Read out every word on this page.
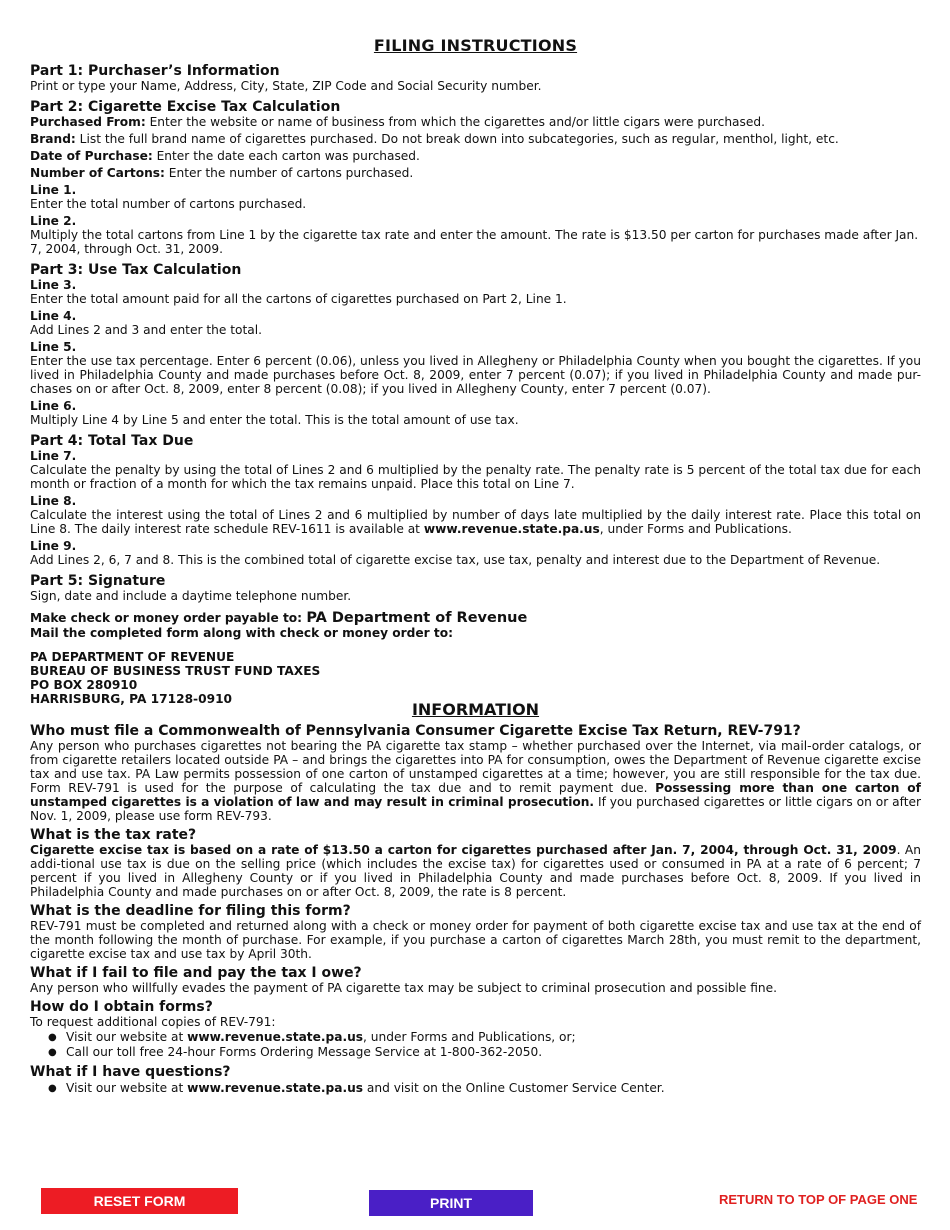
FILING INSTRUCTIONS
Part 1: Purchaser’s Information
Print or type your Name, Address, City, State, ZIP Code and Social Security number.
Part 2: Cigarette Excise Tax Calculation
Purchased From: Enter the website or name of business from which the cigarettes and/or little cigars were purchased.
Brand: List the full brand name of cigarettes purchased. Do not break down into subcategories, such as regular, menthol, light, etc.
Date of Purchase: Enter the date each carton was purchased.
Number of Cartons: Enter the number of cartons purchased.
Line 1.
Enter the total number of cartons purchased.
Line 2.
Multiply the total cartons from Line 1 by the cigarette tax rate and enter the amount. The rate is $13.50 per carton for purchases made after Jan. 7, 2004, through Oct. 31, 2009.
Part 3: Use Tax Calculation
Line 3.
Enter the total amount paid for all the cartons of cigarettes purchased on Part 2, Line 1.
Line 4.
Add Lines 2 and 3 and enter the total.
Line 5.
Enter the use tax percentage. Enter 6 percent (0.06), unless you lived in Allegheny or Philadelphia County when you bought the cigarettes. If you lived in Philadelphia County and made purchases before Oct. 8, 2009, enter 7 percent (0.07); if you lived in Philadelphia County and made pur-chases on or after Oct. 8, 2009, enter 8 percent (0.08); if you lived in Allegheny County, enter 7 percent (0.07).
Line 6.
Multiply Line 4 by Line 5 and enter the total. This is the total amount of use tax.
Part 4: Total Tax Due
Line 7.
Calculate the penalty by using the total of Lines 2 and 6 multiplied by the penalty rate. The penalty rate is 5 percent of the total tax due for each month or fraction of a month for which the tax remains unpaid. Place this total on Line 7.
Line 8.
Calculate the interest using the total of Lines 2 and 6 multiplied by number of days late multiplied by the daily interest rate. Place this total on Line 8. The daily interest rate schedule REV-1611 is available at www.revenue.state.pa.us, under Forms and Publications.
Line 9.
Add Lines 2, 6, 7 and 8. This is the combined total of cigarette excise tax, use tax, penalty and interest due to the Department of Revenue.
Part 5: Signature
Sign, date and include a daytime telephone number.
Make check or money order payable to: PA Department of Revenue
Mail the completed form along with check or money order to:
PA DEPARTMENT OF REVENUE
BUREAU OF BUSINESS TRUST FUND TAXES
PO BOX 280910
HARRISBURG, PA 17128-0910
INFORMATION
Who must file a Commonwealth of Pennsylvania Consumer Cigarette Excise Tax Return, REV-791?
Any person who purchases cigarettes not bearing the PA cigarette tax stamp – whether purchased over the Internet, via mail-order catalogs, or from cigarette retailers located outside PA – and brings the cigarettes into PA for consumption, owes the Department of Revenue cigarette excise tax and use tax. PA Law permits possession of one carton of unstamped cigarettes at a time; however, you are still responsible for the tax due. Form REV-791 is used for the purpose of calculating the tax due and to remit payment due. Possessing more than one carton of unstamped cigarettes is a violation of law and may result in criminal prosecution. If you purchased cigarettes or little cigars on or after Nov. 1, 2009, please use form REV-793.
What is the tax rate?
Cigarette excise tax is based on a rate of $13.50 a carton for cigarettes purchased after Jan. 7, 2004, through Oct. 31, 2009. An addi-tional use tax is due on the selling price (which includes the excise tax) for cigarettes used or consumed in PA at a rate of 6 percent; 7 percent if you lived in Allegheny County or if you lived in Philadelphia County and made purchases before Oct. 8, 2009. If you lived in Philadelphia County and made purchases on or after Oct. 8, 2009, the rate is 8 percent.
What is the deadline for filing this form?
REV-791 must be completed and returned along with a check or money order for payment of both cigarette excise tax and use tax at the end of the month following the month of purchase. For example, if you purchase a carton of cigarettes March 28th, you must remit to the department, cigarette excise tax and use tax by April 30th.
What if I fail to file and pay the tax I owe?
Any person who willfully evades the payment of PA cigarette tax may be subject to criminal prosecution and possible fine.
How do I obtain forms?
To request additional copies of REV-791:
● Visit our website at www.revenue.state.pa.us, under Forms and Publications, or;
● Call our toll free 24-hour Forms Ordering Message Service at 1-800-362-2050.
What if I have questions?
● Visit our website at www.revenue.state.pa.us and visit on the Online Customer Service Center.
RESET FORM	PRINT	RETURN TO TOP OF PAGE ONE
